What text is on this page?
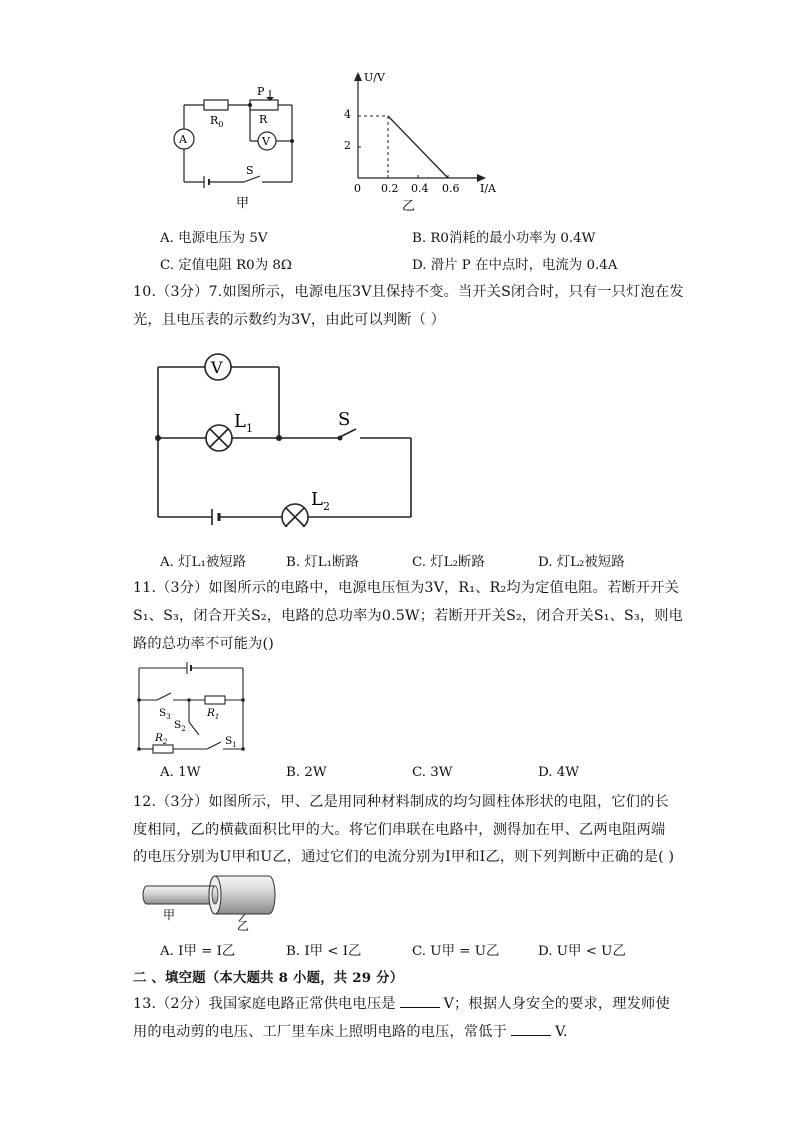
A	V
$R_0$
P
R
S
甲
U/V
I/A
0
4
2
0.2 0.4 0.6
乙
A. 电源电压为 5V	B. R0消耗的最小功率为 0.4W
C. 定值电阻 R0为 8Ω	D. 滑片 P 在中点时，电流为 0.4A
10.（3分）7.如图所示，电源电压3V且保持不变。当开关S闭合时，只有一只灯泡在发
光，且电压表的示数约为3V，由此可以判断（ ）
V
$L_1$	S
$L_2$
A. 灯L₁被短路	B. 灯L₁断路	C. 灯L₂断路	D. 灯L₂被短路
11.（3分）如图所示的电路中，电源电压恒为3V，R₁、R₂均为定值电阻。若断开开关
S₁、S₃，闭合开关S₂，电路的总功率为0.5W；若断开开关S₂，闭合开关S₁、S₃，则电
路的总功率不可能为()
$S_3$	$R_1$
$S_2$
$R_2$	$S_1$
A. 1W	B. 2W	C. 3W	D. 4W
12.（3分）如图所示，甲、乙是用同种材料制成的均匀圆柱体形状的电阻，它们的长
度相同，乙的横截面积比甲的大。将它们串联在电路中，测得加在甲、乙两电阻两端
的电压分别为U甲和U乙，通过它们的电流分别为I甲和I乙，则下列判断中正确的是( )
甲
乙
A. I甲 = I乙	B. I甲 < I乙	C. U甲 = U乙	D. U甲 < U乙
二 、填空题（本大题共 8 小题，共 29 分）
13.（2分）我国家庭电路正常供电电压是	V；根据人身安全的要求，理发师使
用的电动剪的电压、工厂里车床上照明电路的电压，常低于	V.
